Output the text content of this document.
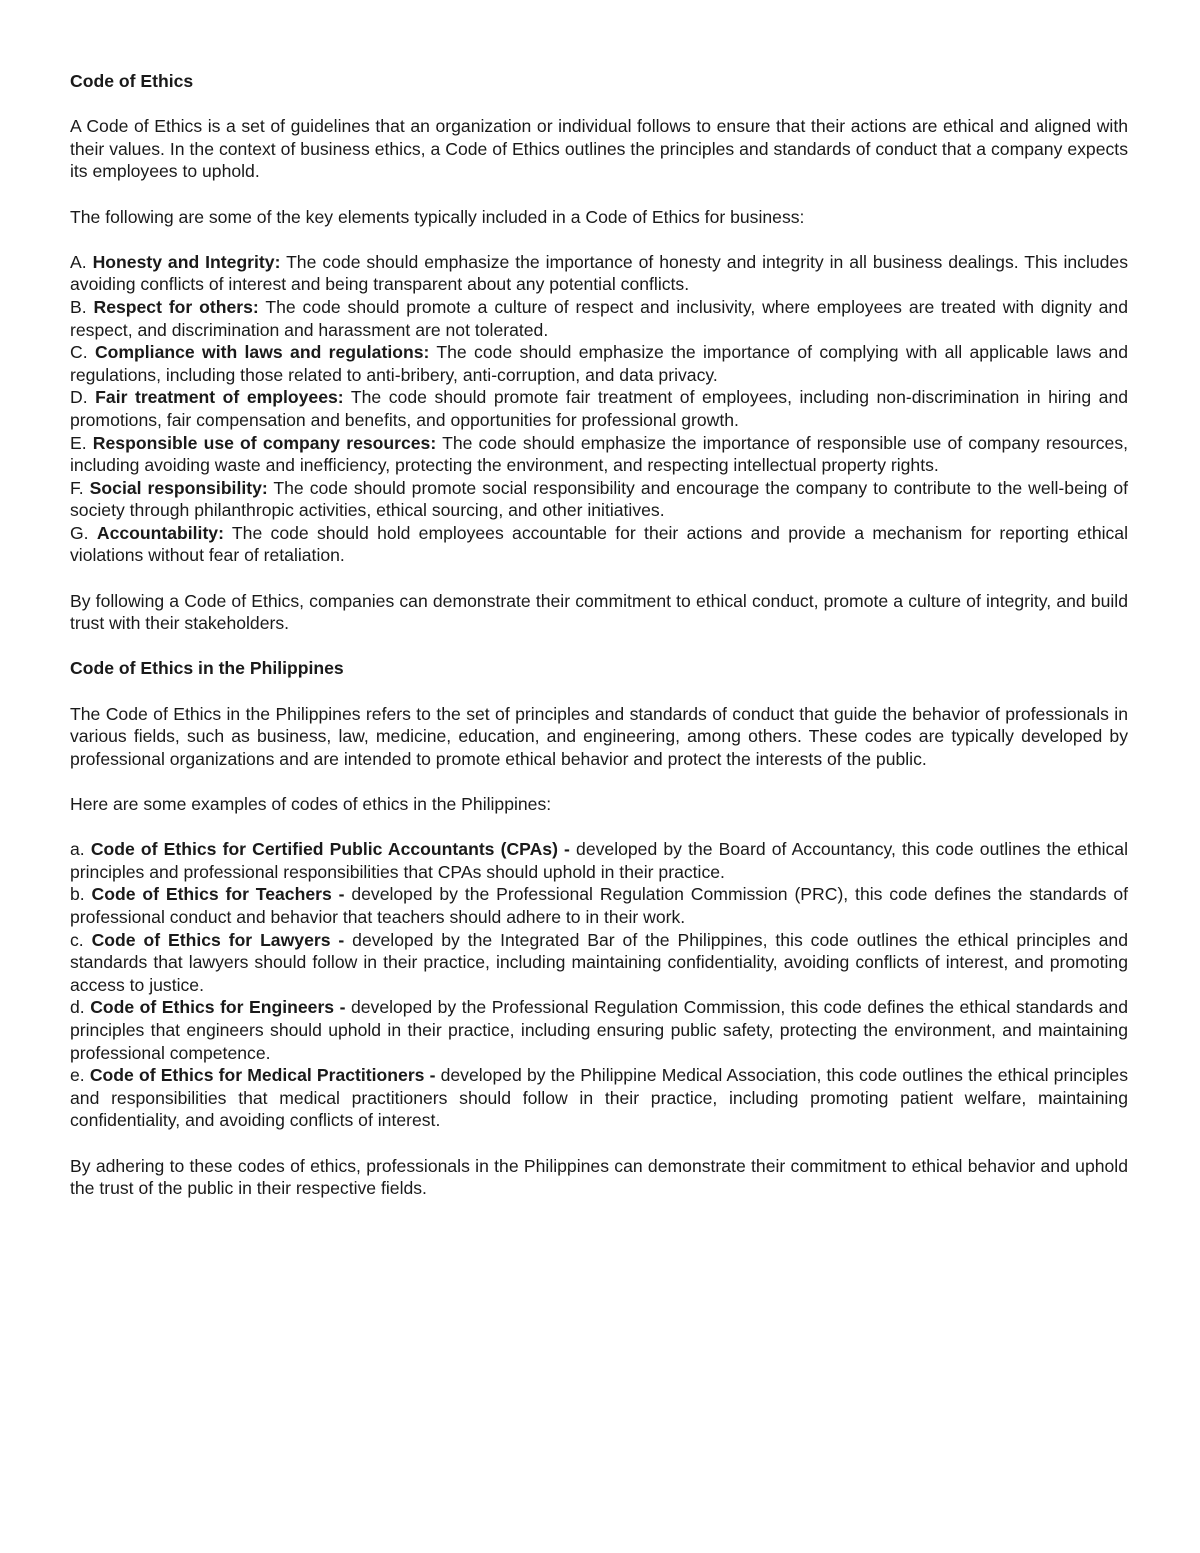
Code of Ethics

A Code of Ethics is a set of guidelines that an organization or individual follows to ensure that their actions are ethical and aligned with their values. In the context of business ethics, a Code of Ethics outlines the principles and standards of conduct that a company expects its employees to uphold.

The following are some of the key elements typically included in a Code of Ethics for business:

A. Honesty and Integrity: The code should emphasize the importance of honesty and integrity in all business dealings. This includes avoiding conflicts of interest and being transparent about any potential conflicts.

B. Respect for others: The code should promote a culture of respect and inclusivity, where employees are treated with dignity and respect, and discrimination and harassment are not tolerated.

C. Compliance with laws and regulations: The code should emphasize the importance of complying with all applicable laws and regulations, including those related to anti-bribery, anti-corruption, and data privacy.

D. Fair treatment of employees: The code should promote fair treatment of employees, including non-discrimination in hiring and promotions, fair compensation and benefits, and opportunities for professional growth.

E. Responsible use of company resources: The code should emphasize the importance of responsible use of company resources, including avoiding waste and inefficiency, protecting the environment, and respecting intellectual property rights.

F. Social responsibility: The code should promote social responsibility and encourage the company to contribute to the well-being of society through philanthropic activities, ethical sourcing, and other initiatives.

G. Accountability: The code should hold employees accountable for their actions and provide a mechanism for reporting ethical violations without fear of retaliation.

By following a Code of Ethics, companies can demonstrate their commitment to ethical conduct, promote a culture of integrity, and build trust with their stakeholders.

Code of Ethics in the Philippines

The Code of Ethics in the Philippines refers to the set of principles and standards of conduct that guide the behavior of professionals in various fields, such as business, law, medicine, education, and engineering, among others. These codes are typically developed by professional organizations and are intended to promote ethical behavior and protect the interests of the public.

Here are some examples of codes of ethics in the Philippines:

a. Code of Ethics for Certified Public Accountants (CPAs) - developed by the Board of Accountancy, this code outlines the ethical principles and professional responsibilities that CPAs should uphold in their practice.

b. Code of Ethics for Teachers - developed by the Professional Regulation Commission (PRC), this code defines the standards of professional conduct and behavior that teachers should adhere to in their work.

c. Code of Ethics for Lawyers - developed by the Integrated Bar of the Philippines, this code outlines the ethical principles and standards that lawyers should follow in their practice, including maintaining confidentiality, avoiding conflicts of interest, and promoting access to justice.

d. Code of Ethics for Engineers - developed by the Professional Regulation Commission, this code defines the ethical standards and principles that engineers should uphold in their practice, including ensuring public safety, protecting the environment, and maintaining professional competence.

e. Code of Ethics for Medical Practitioners - developed by the Philippine Medical Association, this code outlines the ethical principles and responsibilities that medical practitioners should follow in their practice, including promoting patient welfare, maintaining confidentiality, and avoiding conflicts of interest.

By adhering to these codes of ethics, professionals in the Philippines can demonstrate their commitment to ethical behavior and uphold the trust of the public in their respective fields.
